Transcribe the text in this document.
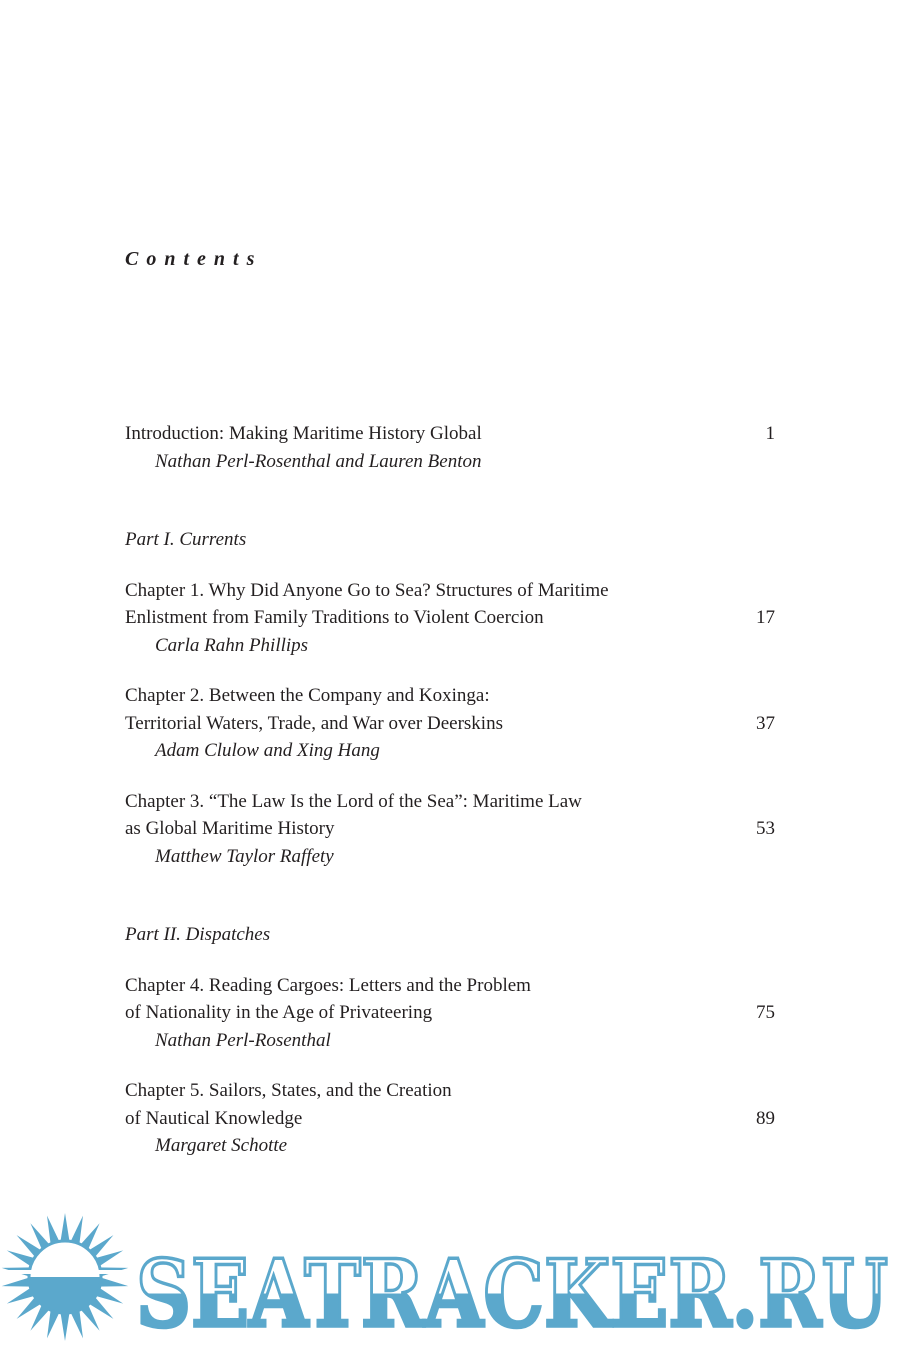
Contents
Introduction: Making Maritime History Global
Nathan Perl-Rosenthal and Lauren Benton
1
Part I. Currents
Chapter 1. Why Did Anyone Go to Sea? Structures of Maritime
Enlistment from Family Traditions to Violent Coercion
Carla Rahn Phillips
17
Chapter 2. Between the Company and Koxinga:
Territorial Waters, Trade, and War over Deerskins
Adam Clulow and Xing Hang
37
Chapter 3. “The Law Is the Lord of the Sea”: Maritime Law
as Global Maritime History
Matthew Taylor Raffety
53
Part II. Dispatches
Chapter 4. Reading Cargoes: Letters and the Problem
of Nationality in the Age of Privateering
Nathan Perl-Rosenthal
75
Chapter 5. Sailors, States, and the Creation
of Nautical Knowledge
Margaret Schotte
89
SEATRACKER.RU
